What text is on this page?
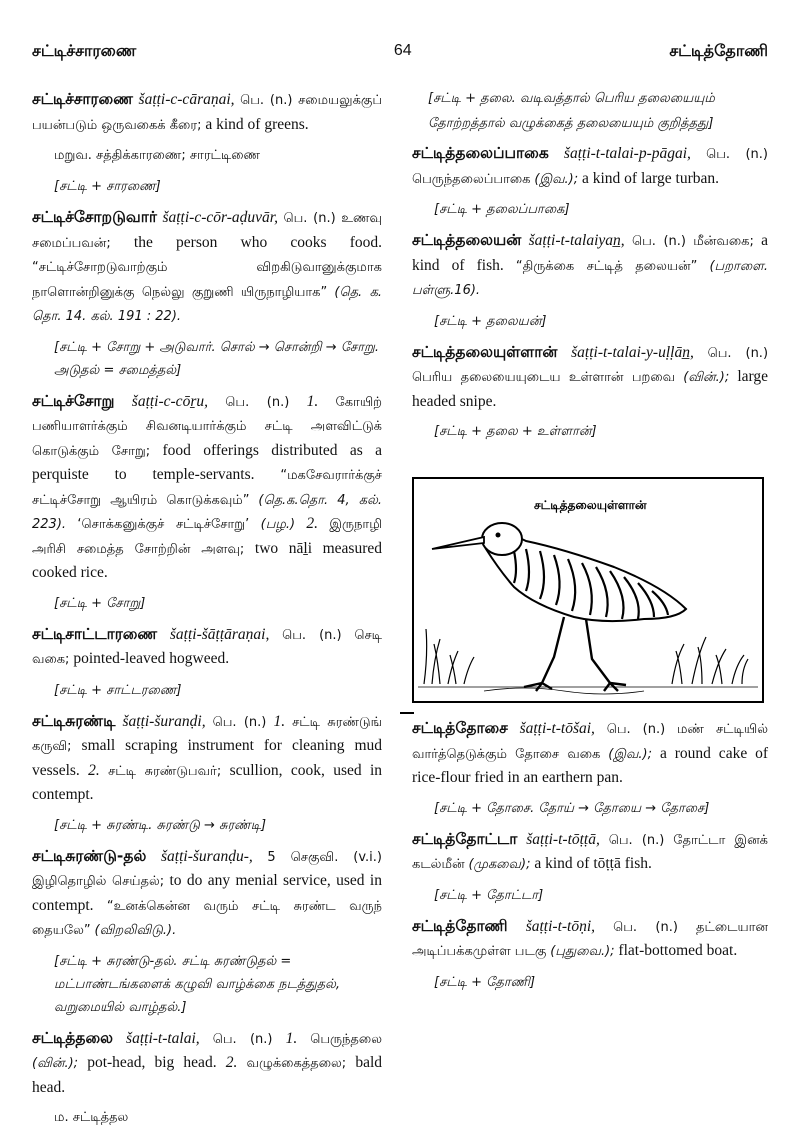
சட்டிச்சாரணை	64	சட்டித்தோணி
சட்டிச்சாரணை šaṭṭi-c-cāraṇai, பெ. (n.) சமையலுக்குப் பயன்படும் ஒருவகைக் கீரை; a kind of greens.
மறுவ. சத்திக்காரணை; சாரட்டிணை
[சட்டி + சாரணை]
சட்டிச்சோறடுவார் šaṭṭi-c-cōr-aḍuvār, பெ. (n.) உணவு சமைப்பவன்; the person who cooks food. “சட்டிச்சோறடுவாற்கும் விறகிடுவானுக்குமாக நாளொன்றினுக்கு நெல்லு குறுணி யிருநாழியாக” (தெ. க. தொ. 14. கல். 191 : 22).
[சட்டி + சோறு + அடுவார். சொல் → சொன்றி → சோறு. அடுதல் = சமைத்தல்]
சட்டிச்சோறு šaṭṭi-c-cōṟu, பெ. (n.) 1. கோயிற் பணியாளர்க்கும் சிவனடியார்க்கும் சட்டி அளவிட்டுக் கொடுக்கும் சோறு; food offerings distributed as a perquiste to temple-servants. “மகசேவரார்க்குச் சட்டிச்சோறு ஆயிரம் கொடுக்கவும்” (தெ.க.தொ. 4, கல். 223). ‘சொக்கனுக்குச் சட்டிச்சோறு’ (பழ.) 2. இருநாழி அரிசி சமைத்த சோற்றின் அளவு; two nāḻi measured cooked rice.
[சட்டி + சோறு]
சட்டிசாட்டாரணை šaṭṭi-šāṭṭāraṇai, பெ. (n.) செடி வகை; pointed-leaved hogweed.
[சட்டி + சாட்டரணை]
சட்டிசுரண்டி šaṭṭi-šuranḍi, பெ. (n.) 1. சட்டி சுரண்டுங் கருவி; small scraping instrument for cleaning mud vessels. 2. சட்டி சுரண்டுபவர்; scullion, cook, used in contempt.
[சட்டி + சுரண்டி. சுரண்டு → சுரண்டி]
சட்டிசுரண்டு-தல் šaṭṭi-šuranḍu-, 5 செகுவி. (v.i.) இழிதொழில் செய்தல்; to do any menial service, used in contempt. “உனக்கென்ன வரும் சட்டி சுரண்ட வருந் தையலே” (விறலிவிடு.).
[சட்டி + சுரண்டு-தல். சட்டி சுரண்டுதல் = மட்பாண்டங்களைக் கழுவி வாழ்க்கை நடத்துதல், வறுமையில் வாழ்தல்.]
சட்டித்தலை šaṭṭi-t-talai, பெ. (n.) 1. பெருந்தலை (வின்.); pot-head, big head. 2. வழுக்கைத்தலை; bald head.
ம. சட்டித்தல
[சட்டி + தலை. வடிவத்தால் பெரிய தலையையும் தோற்றத்தால் வழுக்கைத் தலையையும் குறித்தது]
சட்டித்தலைப்பாகை šaṭṭi-t-talai-p-pāgai, பெ. (n.) பெருந்தலைப்பாகை (இவ.); a kind of large turban.
[சட்டி + தலைப்பாகை]
சட்டித்தலையன் šaṭṭi-t-talaiyan̲, பெ. (n.) மீன்வகை; a kind of fish. “திருக்கை சட்டித் தலையன்” (பறாளை. பள்ளு.16).
[சட்டி + தலையன்]
சட்டித்தலையுள்ளான் šaṭṭi-t-talai-y-uḷḷān̲, பெ. (n.) பெரிய தலையையுடைய உள்ளான் பறவை (வின்.); large headed snipe.
[சட்டி + தலை + உள்ளான்]
சட்டித்தலையுள்ளான்
சட்டித்தோசை šaṭṭi-t-tōšai, பெ. (n.) மண் சட்டியில் வார்த்தெடுக்கும் தோசை வகை (இவ.); a round cake of rice-flour fried in an earthern pan.
[சட்டி + தோசை. தோய் → தோயை → தோசை]
சட்டித்தோட்டா šaṭṭi-t-tōṭṭā, பெ. (n.) தோட்டா இனக் கடல்மீன் (முகவை); a kind of tōṭṭā fish.
[சட்டி + தோட்டா]
சட்டித்தோணி šaṭṭi-t-tōṇi, பெ. (n.) தட்டையான அடிப்பக்கமுள்ள படகு (புதுவை.); flat-bottomed boat.
[சட்டி + தோணி]
